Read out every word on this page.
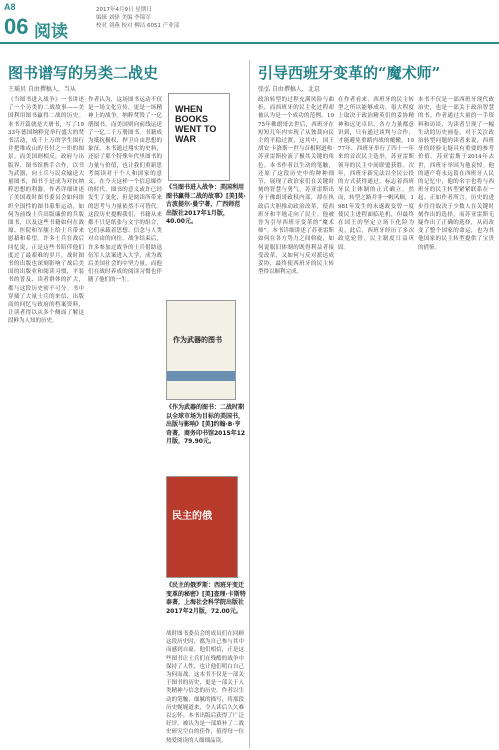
A8
06 阅读
2017年4月9日 星期日
编辑 刘驿 美编 李锦军
校对 刘燕 校对 柳洁 6051 产业部
图书谱写的另类二战史
王瑶贝 自由撰稿人，当从
《当图书进入战争》一书讲述了一个另类的二战故事——美国利用图书赢得二战的历史。本书开篇就是大屠书，写了1933年德国纳粹党举行盛大的焚书活动，成千上万的学生围行并把堆成山的书付之一炬的图景。而美国则相反，政府与出版界、图书馆携手合作，以书为武器，向士兵与民众输送大量图书，图书于是成为对抗纳粹思想的利器。作者详细讲述了美国战时图书委员会如何组织全国性的图书募集运动，如何为前线士兵出版廉价的兵版图书，以及这些书籍如何在战壕、医院和军舰上给士兵带来慰藉和希望。许多士兵在战后回忆说，正是这些书陪伴他们度过了最艰难的岁月。战时图书的出版也深刻影响了战后美国的出版业和阅读习惯，平装书的普及、读者群体的扩大，都与这段历史密不可分。书中穿插了大量士兵的来信、出版商的回忆与政府的档案资料，让读者得以从多个侧面了解这段鲜为人知的历史。
作者认为，这场图书运动不仅是一场文化宣传，更是一场精神上的战争。纳粹焚毁了一亿册图书，而美国则向前线运送了一亿二千万册图书。书籍成为抵抗极权、捍卫自由思想的象征。本书通过翔实的史料，还原了那个特殊年代里图书的力量与价值，也让我们重新思考阅读对于个人和国家的意义。在今天这样一个信息爆炸的时代，图书的意义或许已经发生了变化，但是阅读所带来的思考与力量依然不可替代。这段历史提醒我们，书籍从来都不只是纸张与文字的组合，它们承载着思想、信念与人类对自由的向往。战争结束后，许多参加过战争的士兵借助退伍军人法案进入大学，成为战后美国社会的中坚力量，而他们在战时养成的阅读习惯也伴随了他们的一生。
战时图书委员会的成员们在回顾这段历史时，都为自己参与其中而感到自豪。他们相信，正是这些图书让士兵们在残酷的战争中保持了人性，也让他们明白自己为何而战。这本书不仅是一部关于图书的历史，更是一部关于人类精神与信念的历史。作者以生动的笔触、细腻的描写，将那段历史娓娓道来，令人读后久久难以忘怀。本书出版后获得了广泛好评，被认为是一部填补了二战史研究空白的佳作，值得每一位热爱阅读的人细细品读。
WHEN BOOKS WENT TO WAR
《当图书进入战争：美国利用图书赢得二战的故事》[美]莫·古波提尔·曼宁著，广西师范出版社2017年1月版，40.00元。
作为武器的图书
《作为武器的图书：二战时期以全球市场为目标的美国书，出版与影响》[美]约翰·B·亨奇著，商务印书馆2015年12月版，79.90元。
民主的俄
《民主的俄罗斯：西班牙变迁变革的秘密》[美]查理·卡斯特泰著，上海社会科学院出版社2017年2月版，72.00元。
引导西班牙变革的“魔术师”
张弘 自由撰稿人，北京
政治转型的过程充满风险与曲折，而西班牙的民主化过程却被认为是一个成功的范例。1975年佛朗哥去世后，西班牙在短短几年内实现了从独裁向民主的平稳过渡，这其中，国王胡安·卡洛斯一世与首相阿道弗·苏亚雷斯扮演了极其关键的角色。本书作者以生动的笔触，还原了这段历史中的种种细节，展现了政治家们在关键时刻的智慧与勇气。苏亚雷斯出身于佛朗哥政权内部，却在执政后大胆推动政治改革，使西班牙和平地走向了民主。他被誉为引导西班牙变革的“魔术师”。本书详细讲述了苏亚雷斯如何在各方势力之间斡旋，如何说服旧体制的既得利益者接受改革，又如何与反对派达成妥协，最终使西班牙的民主转型得以顺利完成。
在作者看来，西班牙的民主转型之所以能够成功，很大程度上取决于政治精英们的妥协精神和远见卓识。各方力量都意识到，只有通过谈判与合作，才能避免重蹈内战的覆辙。1977年，西班牙举行了四十一年来的首次民主选举，苏亚雷斯领导的民主中间联盟获胜。次年，西班牙新宪法以全民公投的方式获得通过，标志着西班牙民主体制的正式确立。然而，转型之路并非一帆风顺，1981年发生的未遂政变曾一度使民主进程面临危机，但最终在国王的坚定立场下化险为夷。此后，西班牙经历了多次政党轮替，民主制度日益巩固。
本书不仅是一部西班牙现代政治史，也是一部关于政治智慧的书。作者通过大量的一手资料和访谈，为读者呈现了一幅生动的历史画卷。对于关注政治转型问题的读者来说，西班牙的经验无疑具有重要的参考价值。苏亚雷斯于2014年去世，西班牙举国为他哀悼。他的遗产将永远留在西班牙人民的记忆中，他的名字也将与西班牙的民主转型紧紧联系在一起。正如作者所言，历史的进步往往取决于少数人在关键时刻作出的选择，而苏亚雷斯无疑作出了正确的选择，从而改变了整个国家的命运，也为其他国家的民主转型提供了宝贵的借鉴。
